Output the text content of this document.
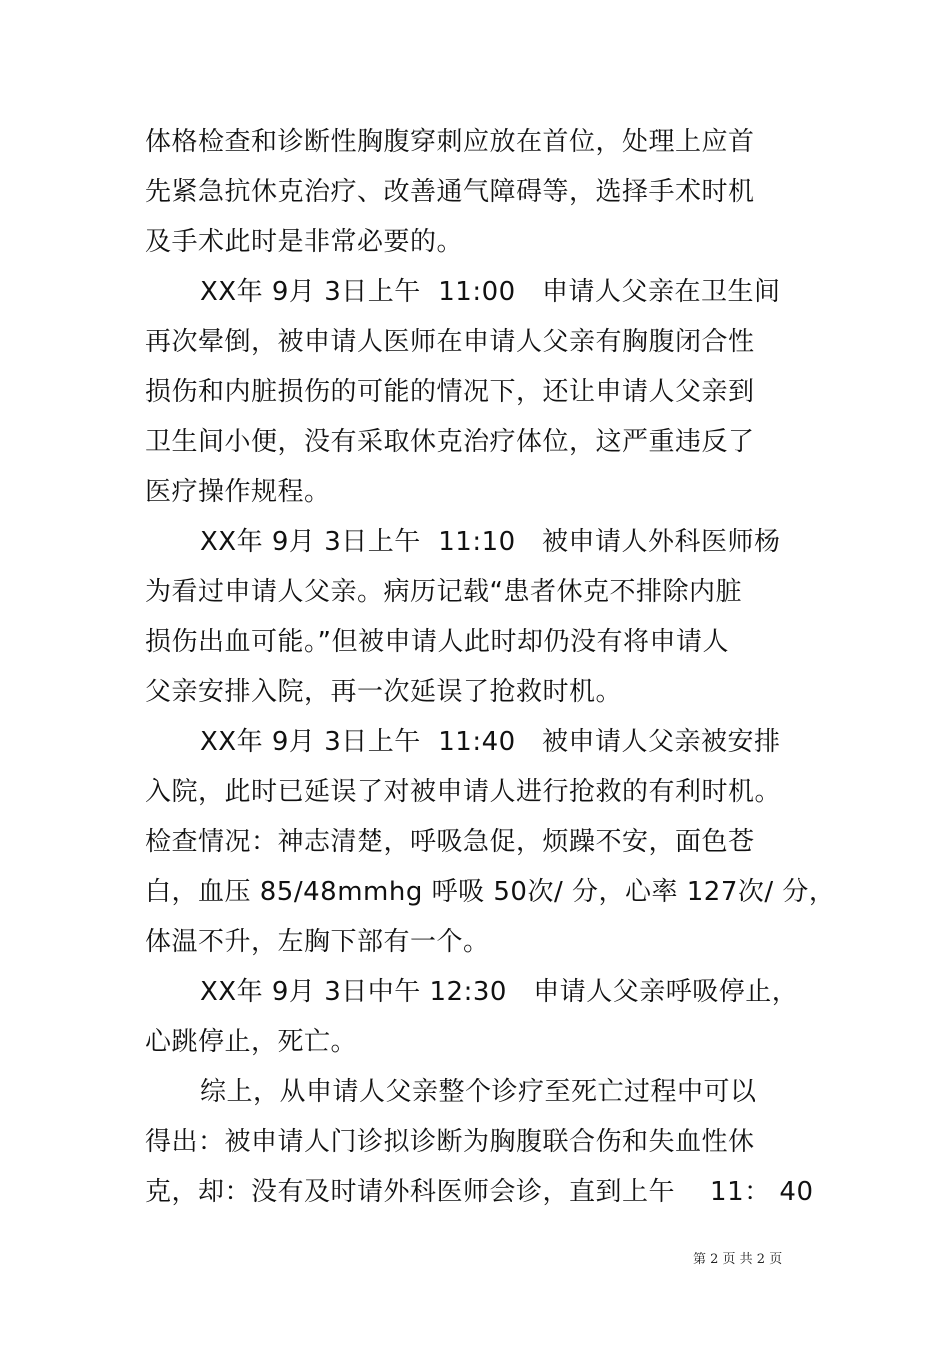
体格检查和诊断性胸腹穿刺应放在首位，处理上应首
先紧急抗休克治疗、改善通气障碍等，选择手术时机
及手术此时是非常必要的。
XX年 9月 3日上午  11:00   申请人父亲在卫生间
再次晕倒，被申请人医师在申请人父亲有胸腹闭合性
损伤和内脏损伤的可能的情况下，还让申请人父亲到
卫生间小便，没有采取休克治疗体位，这严重违反了
医疗操作规程。
XX年 9月 3日上午  11:10   被申请人外科医师杨
为看过申请人父亲。病历记载“患者休克不排除内脏
损伤出血可能。”但被申请人此时却仍没有将申请人
父亲安排入院，再一次延误了抢救时机。
XX年 9月 3日上午  11:40   被申请人父亲被安排
入院，此时已延误了对被申请人进行抢救的有利时机。
检查情况：神志清楚，呼吸急促，烦躁不安，面色苍
白，血压 85/48mmhg 呼吸 50次/ 分，心率 127次/ 分，
体温不升，左胸下部有一个。
XX年 9月 3日中午 12:30   申请人父亲呼吸停止，
心跳停止，死亡。
综上，从申请人父亲整个诊疗至死亡过程中可以
得出：被申请人门诊拟诊断为胸腹联合伤和失血性休
克，却：没有及时请外科医师会诊，直到上午    11： 40
第 2 页 共 2 页
